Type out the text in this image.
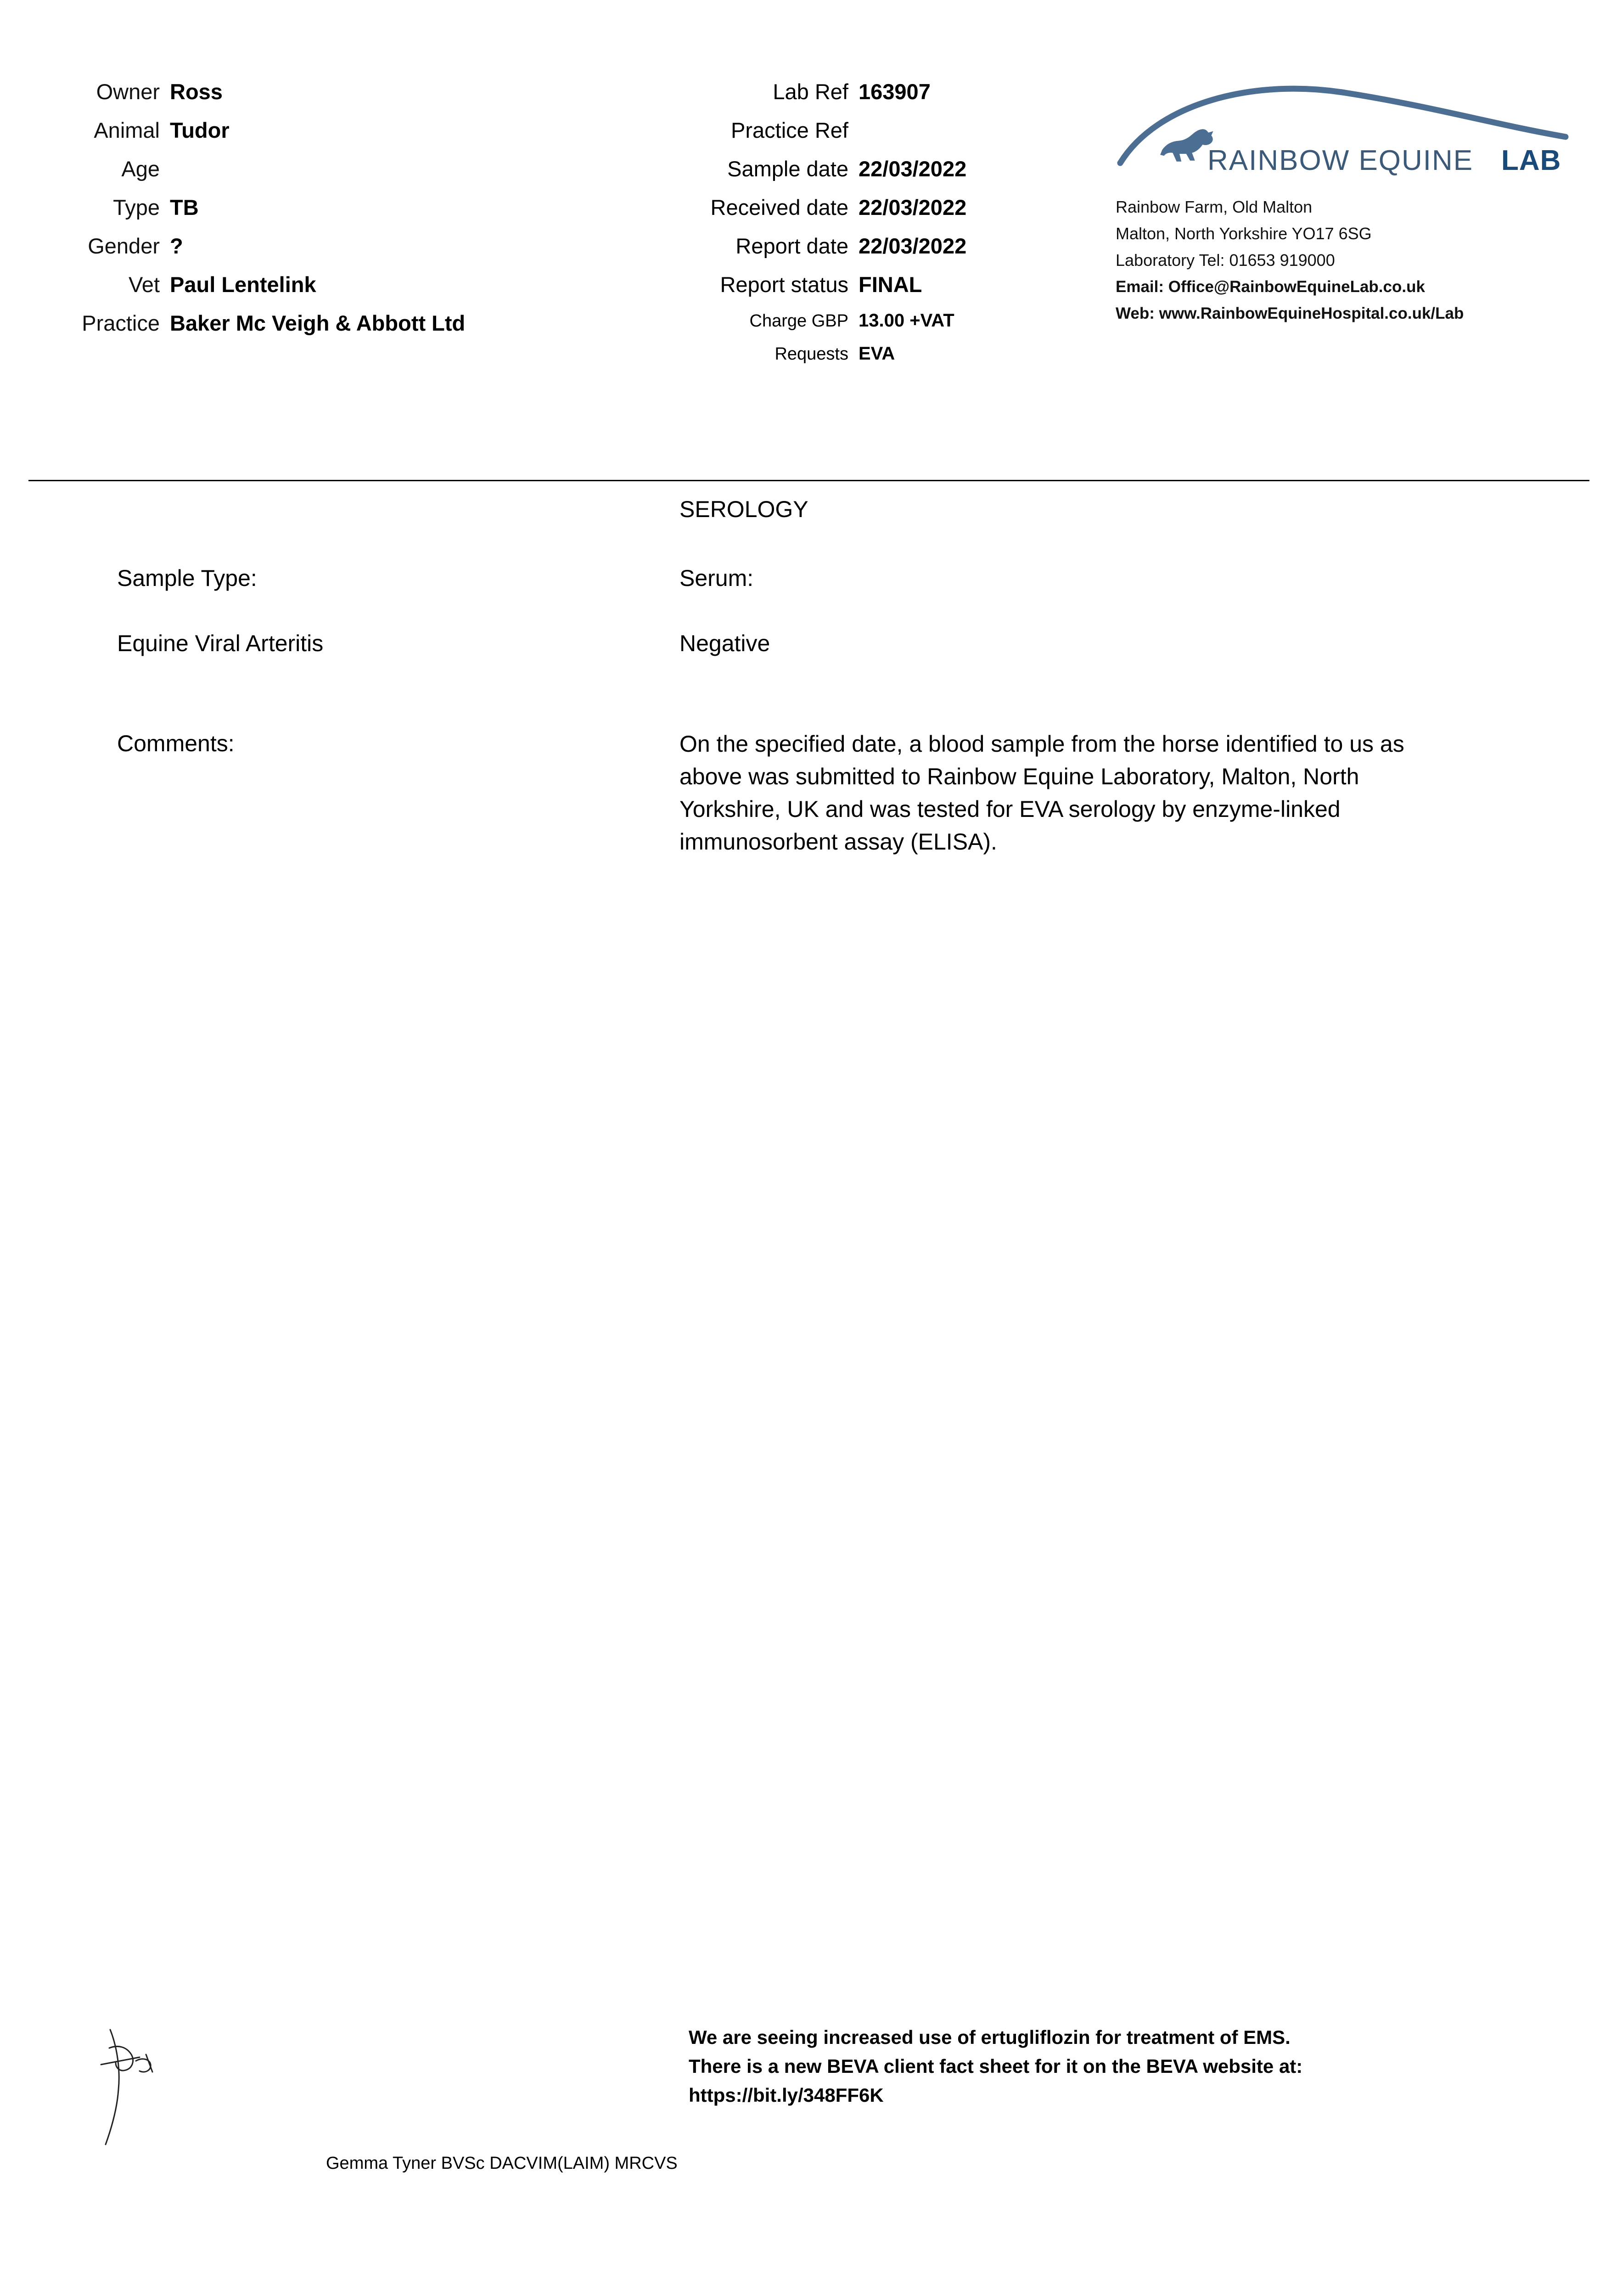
Owner Ross
Animal Tudor
Age
Type TB
Gender ?
Vet Paul Lentelink
Practice Baker Mc Veigh & Abbott Ltd
Lab Ref 163907
Practice Ref
Sample date 22/03/2022
Received date 22/03/2022
Report date 22/03/2022
Report status FINAL
Charge GBP 13.00 +VAT
Requests EVA
RAINBOW EQUINE LAB
Rainbow Farm, Old Malton
Malton, North Yorkshire YO17 6SG
Laboratory Tel: 01653 919000
Email: Office@RainbowEquineLab.co.uk
Web: www.RainbowEquineHospital.co.uk/Lab
SEROLOGY
Sample Type:	Serum:
Equine Viral Arteritis	Negative
Comments:	On the specified date, a blood sample from the horse identified to us as above was submitted to Rainbow Equine Laboratory, Malton, North Yorkshire, UK and was tested for EVA serology by enzyme-linked immunosorbent assay (ELISA).
We are seeing increased use of ertugliflozin for treatment of EMS.
There is a new BEVA client fact sheet for it on the BEVA website at:
https://bit.ly/348FF6K
Gemma Tyner BVSc DACVIM(LAIM) MRCVS
